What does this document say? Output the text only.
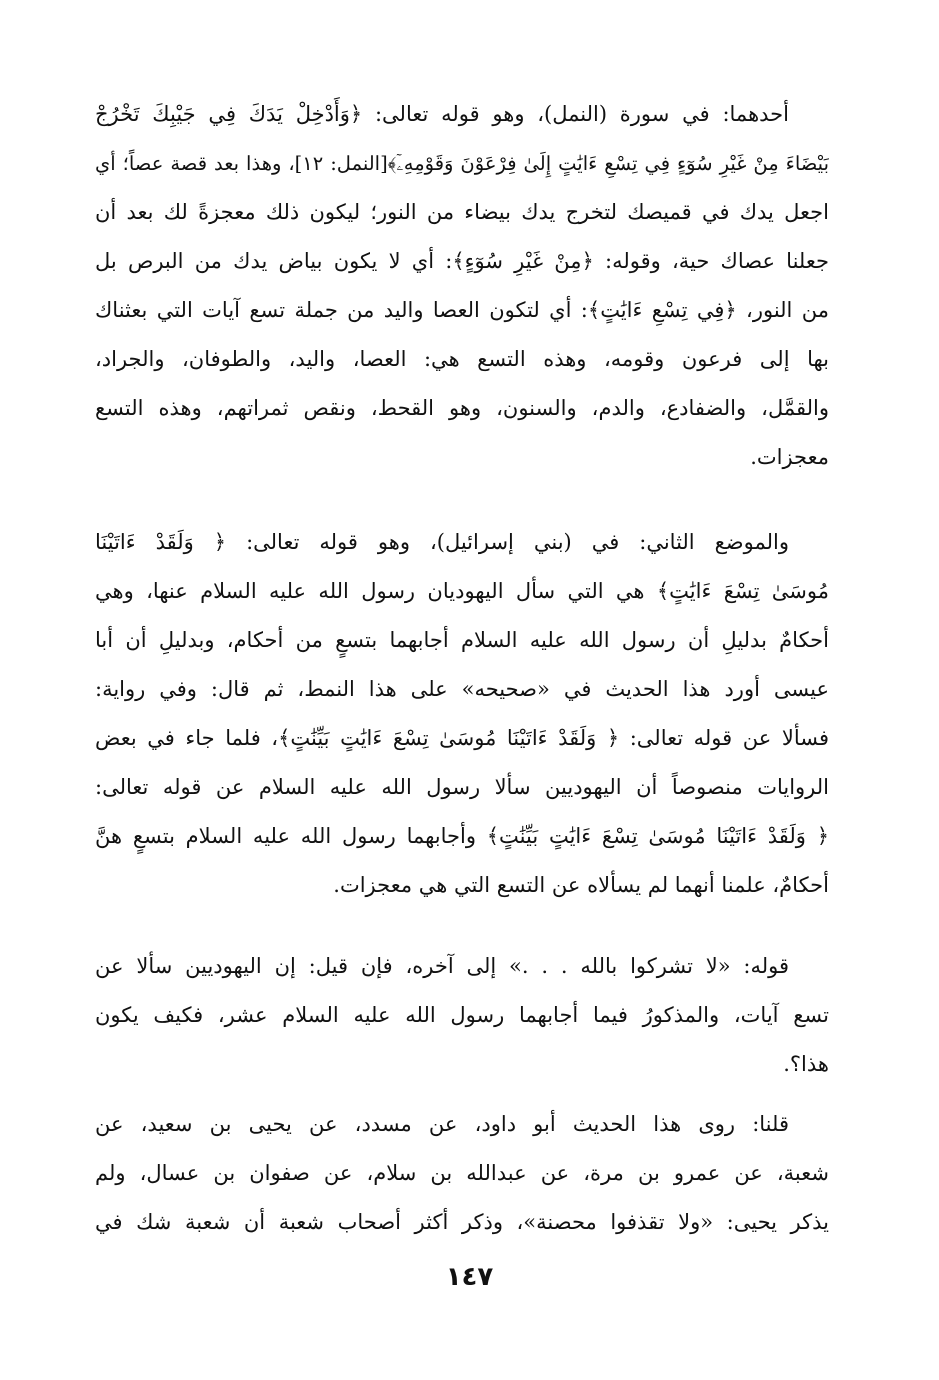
أحدهما: في سورة (النمل)، وهو قوله تعالى: ﴿وَأَدْخِلْ يَدَكَ فِي جَيْبِكَ تَخْرُجْ
بَيْضَاءَ مِنْ غَيْرِ سُوٓءٍ فِي تِسْعِ ءَايَٰتٍ إِلَىٰ فِرْعَوْنَ وَقَوْمِهِۦٓ﴾[النمل: ١٢]، وهذا بعد قصة عصاً؛ أي
اجعل يدك في قميصك لتخرج يدك بيضاء من النور؛ ليكون ذلك معجزةً لك بعد أن
جعلنا عصاك حية، وقوله: ﴿مِنْ غَيْرِ سُوٓءٍ﴾: أي لا يكون بياض يدك من البرص بل
من النور، ﴿فِي تِسْعِ ءَايَٰتٍ﴾: أي لتكون العصا واليد من جملة تسع آيات التي بعثناك
بها إلى فرعون وقومه، وهذه التسع هي: العصا، واليد، والطوفان، والجراد،
والقمَّل، والضفادع، والدم، والسنون، وهو القحط، ونقص ثمراتهم، وهذه التسع
معجزات.
والموضع الثاني: في (بني إسرائيل)، وهو قوله تعالى: ﴿ وَلَقَدْ ءَاتَيْنَا
مُوسَىٰ تِسْعَ ءَايَٰتٍ﴾ هي التي سأل اليهوديان رسول الله عليه السلام عنها، وهي
أحكامٌ بدليلِ أن رسول الله عليه السلام أجابهما بتسعٍ من أحكام، وبدليلِ أن أبا
عيسى أورد هذا الحديث في «صحيحه» على هذا النمط، ثم قال: وفي رواية:
فسألا عن قوله تعالى: ﴿ وَلَقَدْ ءَاتَيْنَا مُوسَىٰ تِسْعَ ءَايَٰتٍ بَيِّنَٰتٍ﴾، فلما جاء في بعض
الروايات منصوصاً أن اليهوديين سألا رسول الله عليه السلام عن قوله تعالى:
﴿ وَلَقَدْ ءَاتَيْنَا مُوسَىٰ تِسْعَ ءَايَٰتٍ بَيِّنَٰتٍ﴾ وأجابهما رسول الله عليه السلام بتسعٍ هنَّ
أحكامٌ، علمنا أنهما لم يسألاه عن التسع التي هي معجزات.
قوله: «لا تشركوا بالله . . .» إلى آخره، فإن قيل: إن اليهوديين سألا عن
تسع آيات، والمذكورُ فيما أجابهما رسول الله عليه السلام عشر، فكيف يكون
هذا؟.
قلنا: روى هذا الحديث أبو داود، عن مسدد، عن يحيى بن سعيد، عن
شعبة، عن عمرو بن مرة، عن عبدالله بن سلام، عن صفوان بن عسال، ولم
يذكر يحيى: «ولا تقذفوا محصنة»، وذكر أكثر أصحاب شعبة أن شعبة شك في
١٤٧
